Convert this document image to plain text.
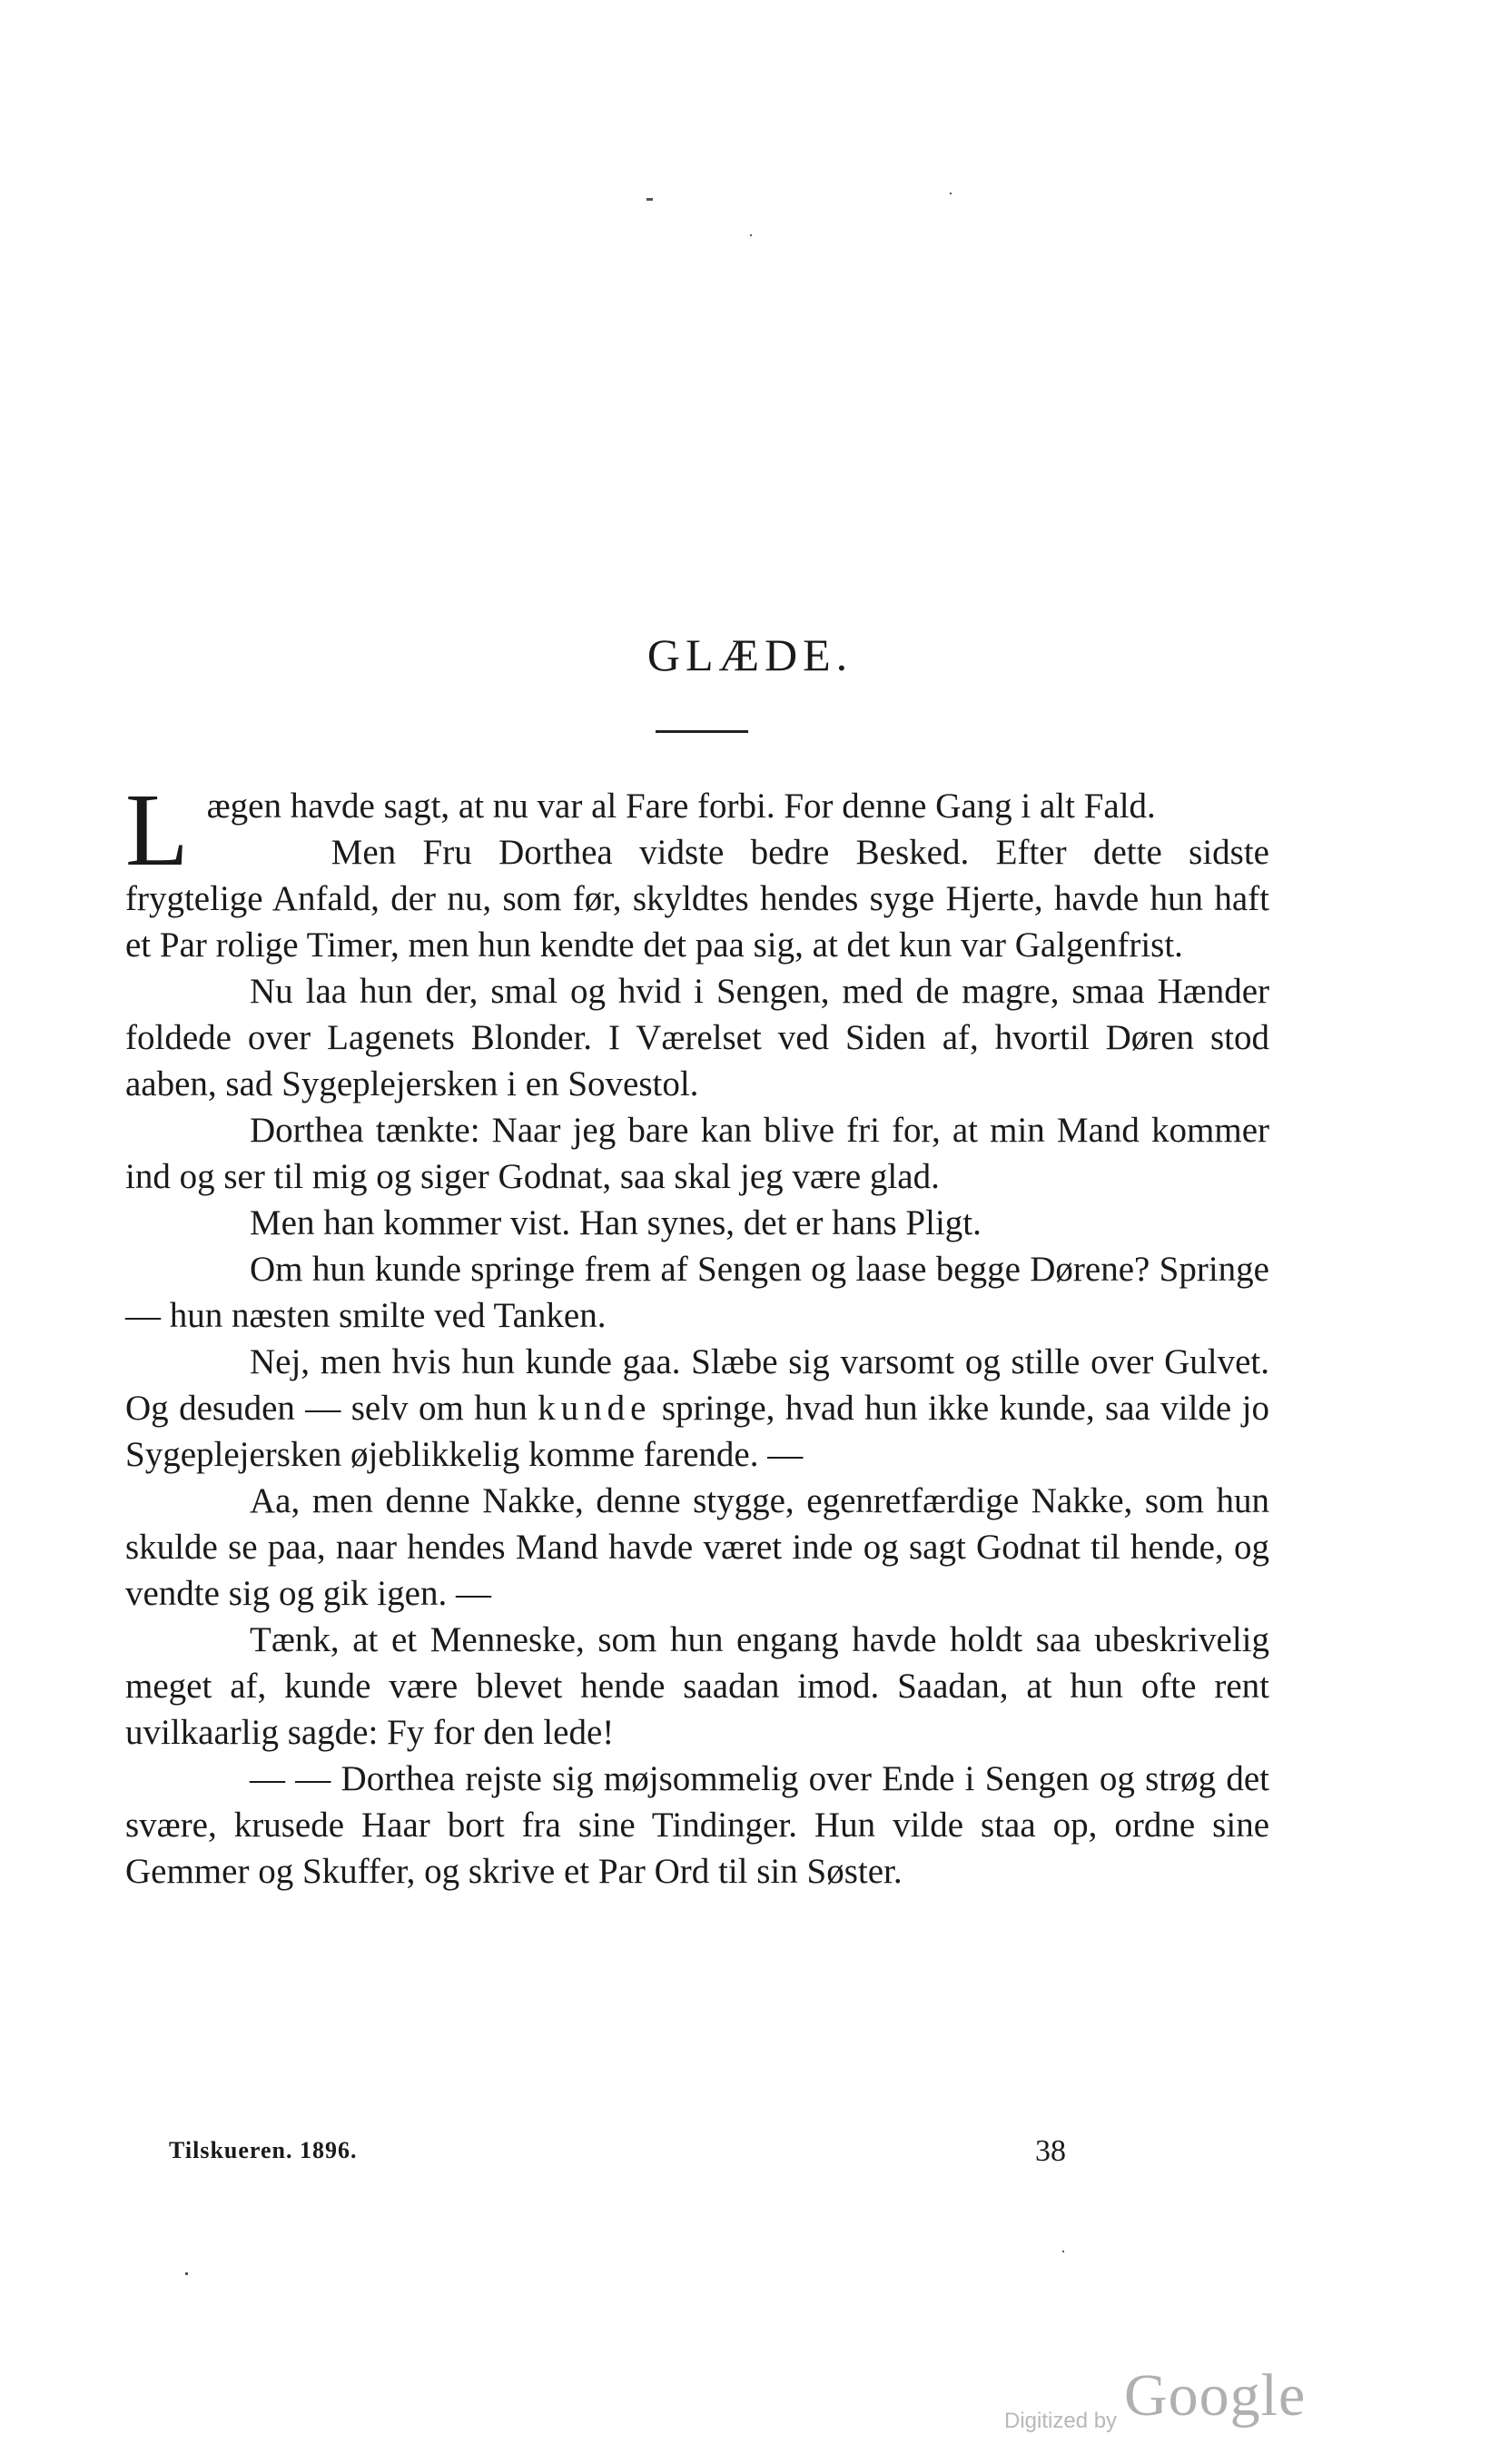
GLÆDE.

Lægen havde sagt, at nu var al Fare forbi. For denne Gang i alt Fald.

Men Fru Dorthea vidste bedre Besked. Efter dette sidste frygtelige Anfald, der nu, som før, skyldtes hendes syge Hjerte, havde hun haft et Par rolige Timer, men hun kendte det paa sig, at det kun var Galgenfrist.

Nu laa hun der, smal og hvid i Sengen, med de magre, smaa Hænder foldede over Lagenets Blonder. I Værelset ved Siden af, hvortil Døren stod aaben, sad Sygeplejersken i en Sovestol.

Dorthea tænkte: Naar jeg bare kan blive fri for, at min Mand kommer ind og ser til mig og siger Godnat, saa skal jeg være glad.

Men han kommer vist. Han synes, det er hans Pligt.

Om hun kunde springe frem af Sengen og laase begge Dørene? Springe — hun næsten smilte ved Tanken.

Nej, men hvis hun kunde gaa. Slæbe sig varsomt og stille over Gulvet. Og desuden — selv om hun kunde springe, hvad hun ikke kunde, saa vilde jo Sygeplejersken øjeblikkelig komme farende. —

Aa, men denne Nakke, denne stygge, egenretfærdige Nakke, som hun skulde se paa, naar hendes Mand havde været inde og sagt Godnat til hende, og vendte sig og gik igen. —

Tænk, at et Menneske, som hun engang havde holdt saa ubeskrivelig meget af, kunde være blevet hende saadan imod. Saadan, at hun ofte rent uvilkaarlig sagde: Fy for den lede!

— — Dorthea rejste sig møjsommelig over Ende i Sengen og strøg det svære, krusede Haar bort fra sine Tindinger. Hun vilde staa op, ordne sine Gemmer og Skuffer, og skrive et Par Ord til sin Søster.

Tilskueren. 1896.	38
Digitized by Google
